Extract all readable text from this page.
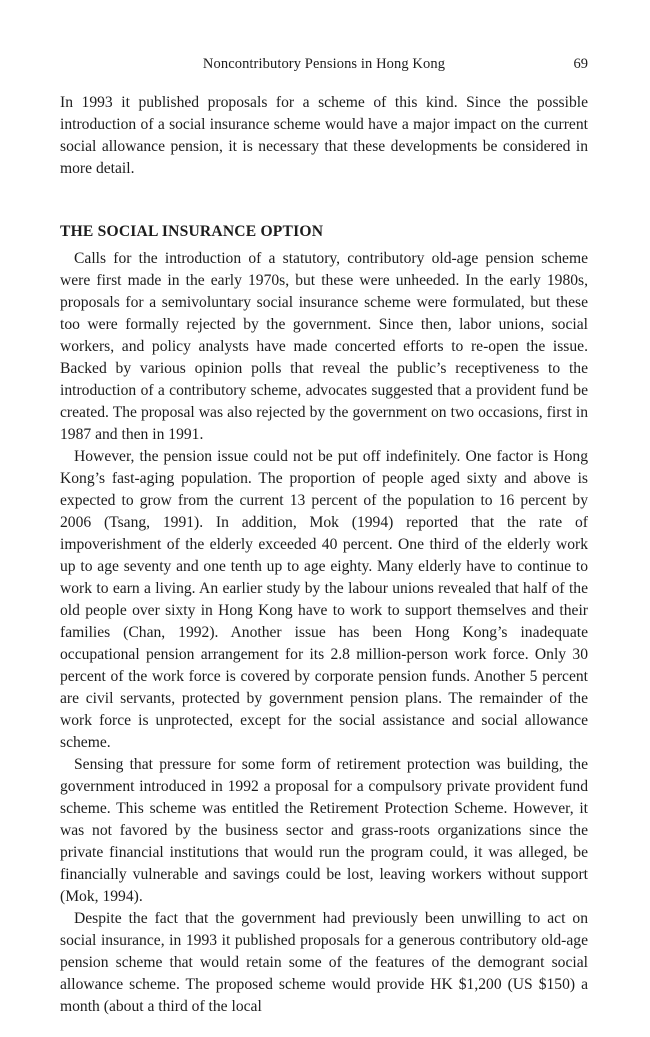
Noncontributory Pensions in Hong Kong	69

In 1993 it published proposals for a scheme of this kind. Since the possible introduction of a social insurance scheme would have a major impact on the current social allowance pension, it is necessary that these developments be considered in more detail.

THE SOCIAL INSURANCE OPTION

Calls for the introduction of a statutory, contributory old-age pension scheme were first made in the early 1970s, but these were unheeded. In the early 1980s, proposals for a semivoluntary social insurance scheme were formulated, but these too were formally rejected by the government. Since then, labor unions, social workers, and policy analysts have made concerted efforts to re-open the issue. Backed by various opinion polls that reveal the public’s receptiveness to the introduction of a contributory scheme, advocates suggested that a provident fund be created. The proposal was also rejected by the government on two occasions, first in 1987 and then in 1991.

However, the pension issue could not be put off indefinitely. One factor is Hong Kong’s fast-aging population. The proportion of people aged sixty and above is expected to grow from the current 13 percent of the population to 16 percent by 2006 (Tsang, 1991). In addition, Mok (1994) reported that the rate of impoverishment of the elderly exceeded 40 percent. One third of the elderly work up to age seventy and one tenth up to age eighty. Many elderly have to continue to work to earn a living. An earlier study by the labour unions revealed that half of the old people over sixty in Hong Kong have to work to support themselves and their families (Chan, 1992). Another issue has been Hong Kong’s inadequate occupational pension arrangement for its 2.8 million-person work force. Only 30 percent of the work force is covered by corporate pension funds. Another 5 percent are civil servants, protected by government pension plans. The remainder of the work force is unprotected, except for the social assistance and social allowance scheme.

Sensing that pressure for some form of retirement protection was building, the government introduced in 1992 a proposal for a compulsory private provident fund scheme. This scheme was entitled the Retirement Protection Scheme. However, it was not favored by the business sector and grass-roots organizations since the private financial institutions that would run the program could, it was alleged, be financially vulnerable and savings could be lost, leaving workers without support (Mok, 1994).

Despite the fact that the government had previously been unwilling to act on social insurance, in 1993 it published proposals for a generous contributory old-age pension scheme that would retain some of the features of the demogrant social allowance scheme. The proposed scheme would provide HK $1,200 (US $150) a month (about a third of the local
